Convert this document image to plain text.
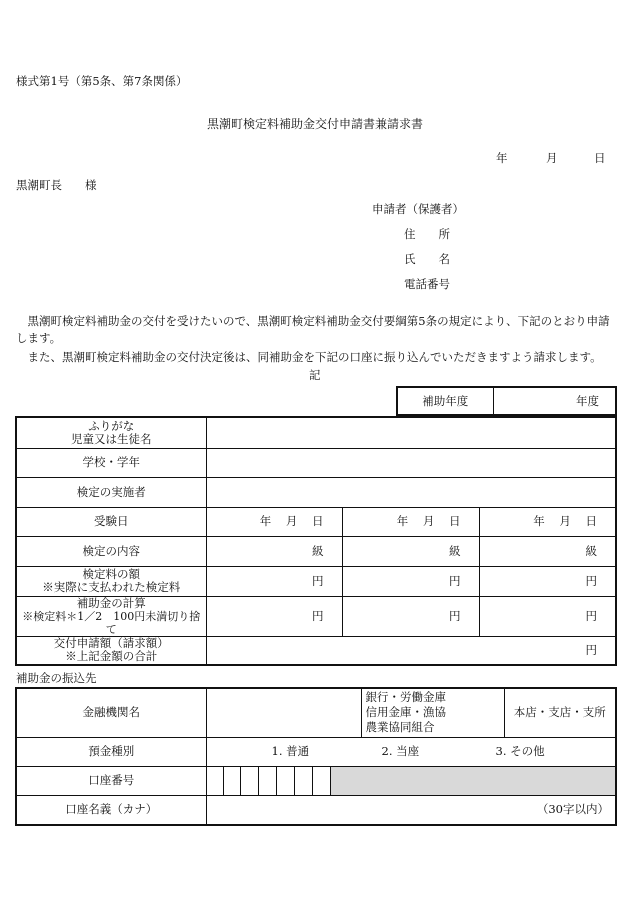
様式第1号（第5条、第7条関係）
黒潮町検定料補助金交付申請書兼請求書
年	月	日
黒潮町長　　様
申請者（保護者）
住　　所
氏　　名
電話番号
　黒潮町検定料補助金の交付を受けたいので、黒潮町検定料補助金交付要綱第5条の規定により、下記のとおり申請します。
　また、黒潮町検定料補助金の交付決定後は、同補助金を下記の口座に振り込んでいただきますよう請求します。
記
補助年度	年度
ふりがな
児童又は生徒名			

学校・学年			
検定の実施者			
受験日	年 月 日	年 月 日	年 月 日
検定の内容	級	級	級

検定料の額
※実際に支払われた検定料	円	円	円

補助金の計算
※検定料＊1／2　100円未満切り捨て	円	円	円

交付申請額（請求額）
※上記金額の合計	円		
補助金の振込先
金融機関名									銀行・労働金庫
信用金庫・漁協
農業協同組合	本店・支店・支所
預金種別	1. 普通 2. 当座 3. その他									

口座番号										
口座名義（カナ）	（30字以内）									
